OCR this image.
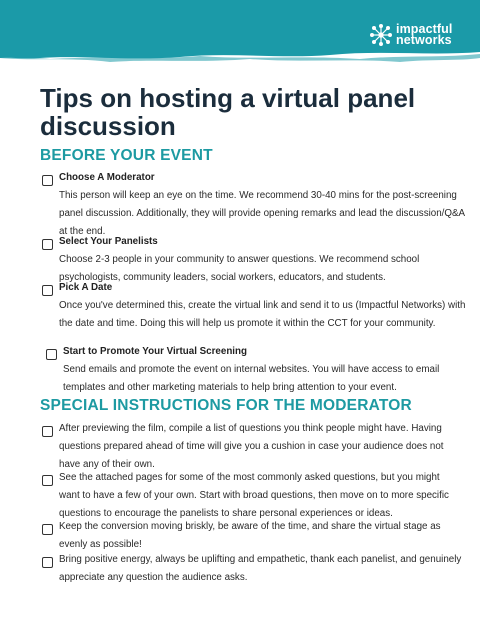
impactful
networks
Tips on hosting a virtual panel discussion
BEFORE YOUR EVENT
Choose A Moderator
This person will keep an eye on the time. We recommend 30-40 mins for the post-screening panel discussion. Additionally, they will provide opening remarks and lead the discussion/Q&A at the end.
Select Your Panelists
Choose 2-3 people in your community to answer questions. We recommend school psychologists, community leaders, social workers, educators, and students.
Pick A Date
Once you've determined this, create the virtual link and send it to us (Impactful Networks) with the date and time. Doing this will help us promote it within the CCT for your community.
Start to Promote Your Virtual Screening
Send emails and promote the event on internal websites. You will have access to email templates and other marketing materials to help bring attention to your event.
SPECIAL INSTRUCTIONS FOR THE MODERATOR
After previewing the film, compile a list of questions you think people might have. Having questions prepared ahead of time will give you a cushion in case your audience does not have any of their own.
See the attached pages for some of the most commonly asked questions, but you might want to have a few of your own. Start with broad questions, then move on to more specific questions to encourage the panelists to share personal experiences or ideas.
Keep the conversion moving briskly, be aware of the time, and share the virtual stage as evenly as possible!
Bring positive energy, always be uplifting and empathetic, thank each panelist, and genuinely appreciate any question the audience asks.
